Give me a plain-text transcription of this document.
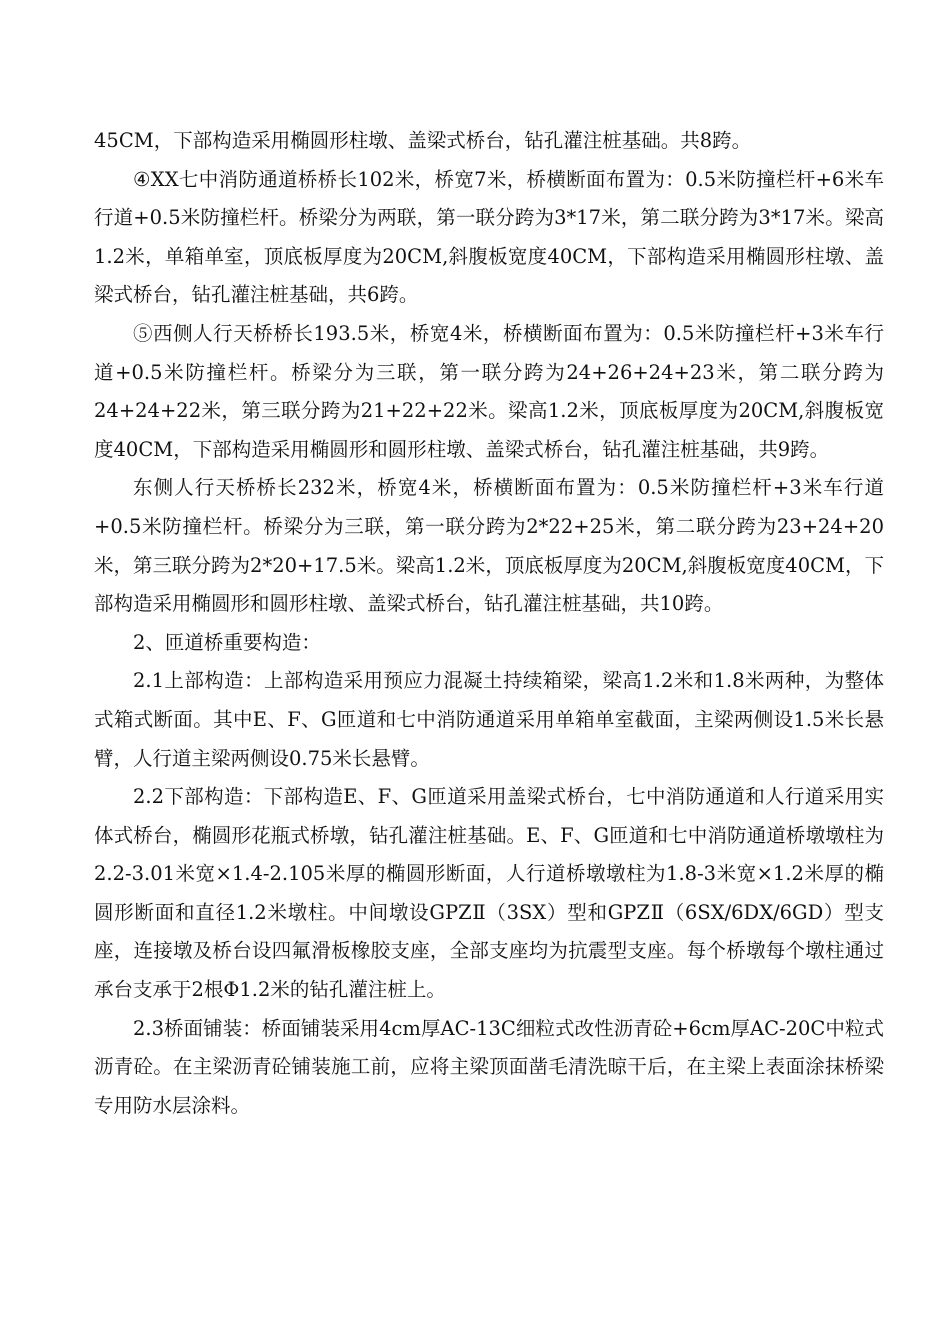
45CM，下部构造采用椭圆形柱墩、盖梁式桥台，钻孔灌注桩基础。共8跨。

④XX七中消防通道桥桥长102米，桥宽7米，桥横断面布置为：0.5米防撞栏杆+6米车行道+0.5米防撞栏杆。桥梁分为两联，第一联分跨为3*17米，第二联分跨为3*17米。梁高1.2米，单箱单室，顶底板厚度为20CM,斜腹板宽度40CM，下部构造采用椭圆形柱墩、盖梁式桥台，钻孔灌注桩基础，共6跨。

⑤西侧人行天桥桥长193.5米，桥宽4米，桥横断面布置为：0.5米防撞栏杆+3米车行道+0.5米防撞栏杆。桥梁分为三联，第一联分跨为24+26+24+23米，第二联分跨为24+24+22米，第三联分跨为21+22+22米。梁高1.2米，顶底板厚度为20CM,斜腹板宽度40CM，下部构造采用椭圆形和圆形柱墩、盖梁式桥台，钻孔灌注桩基础，共9跨。

东侧人行天桥桥长232米，桥宽4米，桥横断面布置为：0.5米防撞栏杆+3米车行道+0.5米防撞栏杆。桥梁分为三联，第一联分跨为2*22+25米，第二联分跨为23+24+20米，第三联分跨为2*20+17.5米。梁高1.2米，顶底板厚度为20CM,斜腹板宽度40CM，下部构造采用椭圆形和圆形柱墩、盖梁式桥台，钻孔灌注桩基础，共10跨。

2、匝道桥重要构造：

2.1上部构造：上部构造采用预应力混凝土持续箱梁，梁高1.2米和1.8米两种，为整体式箱式断面。其中E、F、G匝道和七中消防通道采用单箱单室截面，主梁两侧设1.5米长悬臂，人行道主梁两侧设0.75米长悬臂。

2.2下部构造：下部构造E、F、G匝道采用盖梁式桥台，七中消防通道和人行道采用实体式桥台，椭圆形花瓶式桥墩，钻孔灌注桩基础。E、F、G匝道和七中消防通道桥墩墩柱为2.2-3.01米宽×1.4-2.105米厚的椭圆形断面，人行道桥墩墩柱为1.8-3米宽×1.2米厚的椭圆形断面和直径1.2米墩柱。中间墩设GPZⅡ（3SX）型和GPZⅡ（6SX/6DX/6GD）型支座，连接墩及桥台设四氟滑板橡胶支座，全部支座均为抗震型支座。每个桥墩每个墩柱通过承台支承于2根Φ1.2米的钻孔灌注桩上。

2.3桥面铺装：桥面铺装采用4cm厚AC-13C细粒式改性沥青砼+6cm厚AC-20C中粒式沥青砼。在主梁沥青砼铺装施工前，应将主梁顶面凿毛清洗晾干后，在主梁上表面涂抹桥梁专用防水层涂料。
